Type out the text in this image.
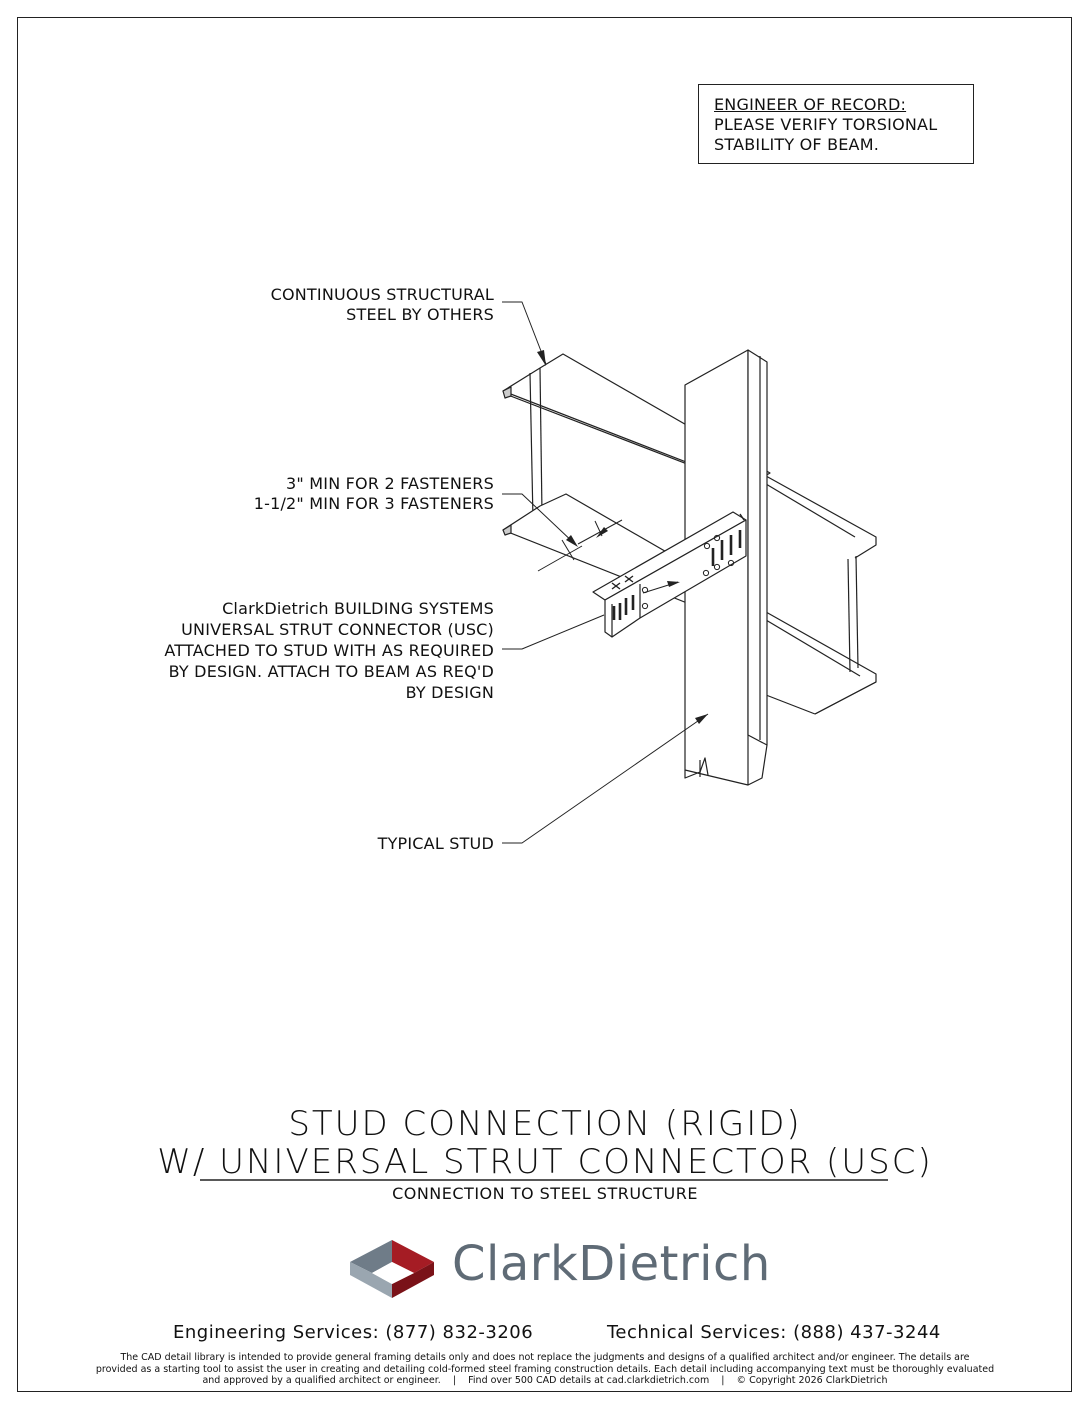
ENGINEER OF RECORD:
PLEASE VERIFY TORSIONAL
STABILITY OF BEAM.
CONTINUOUS STRUCTURAL
STEEL BY OTHERS
3" MIN FOR 2 FASTENERS
1-1/2" MIN FOR 3 FASTENERS
ClarkDietrich BUILDING SYSTEMS
UNIVERSAL STRUT CONNECTOR (USC)
ATTACHED TO STUD WITH AS REQUIRED
BY DESIGN. ATTACH TO BEAM AS REQ'D
BY DESIGN
TYPICAL STUD
STUD CONNECTION (RIGID)
W/ UNIVERSAL STRUT CONNECTOR (USC)
CONNECTION TO STEEL STRUCTURE
ClarkDietrich
Engineering Services: (877) 832-3206	Technical Services: (888) 437-3244
The CAD detail library is intended to provide general framing details only and does not replace the judgments and designs of a qualified architect and/or engineer. The details are
provided as a starting tool to assist the user in creating and detailing cold-formed steel framing construction details. Each detail including accompanying text must be thoroughly evaluated
and approved by a qualified architect or engineer.    |    Find over 500 CAD details at cad.clarkdietrich.com    |    © Copyright 2026 ClarkDietrich
